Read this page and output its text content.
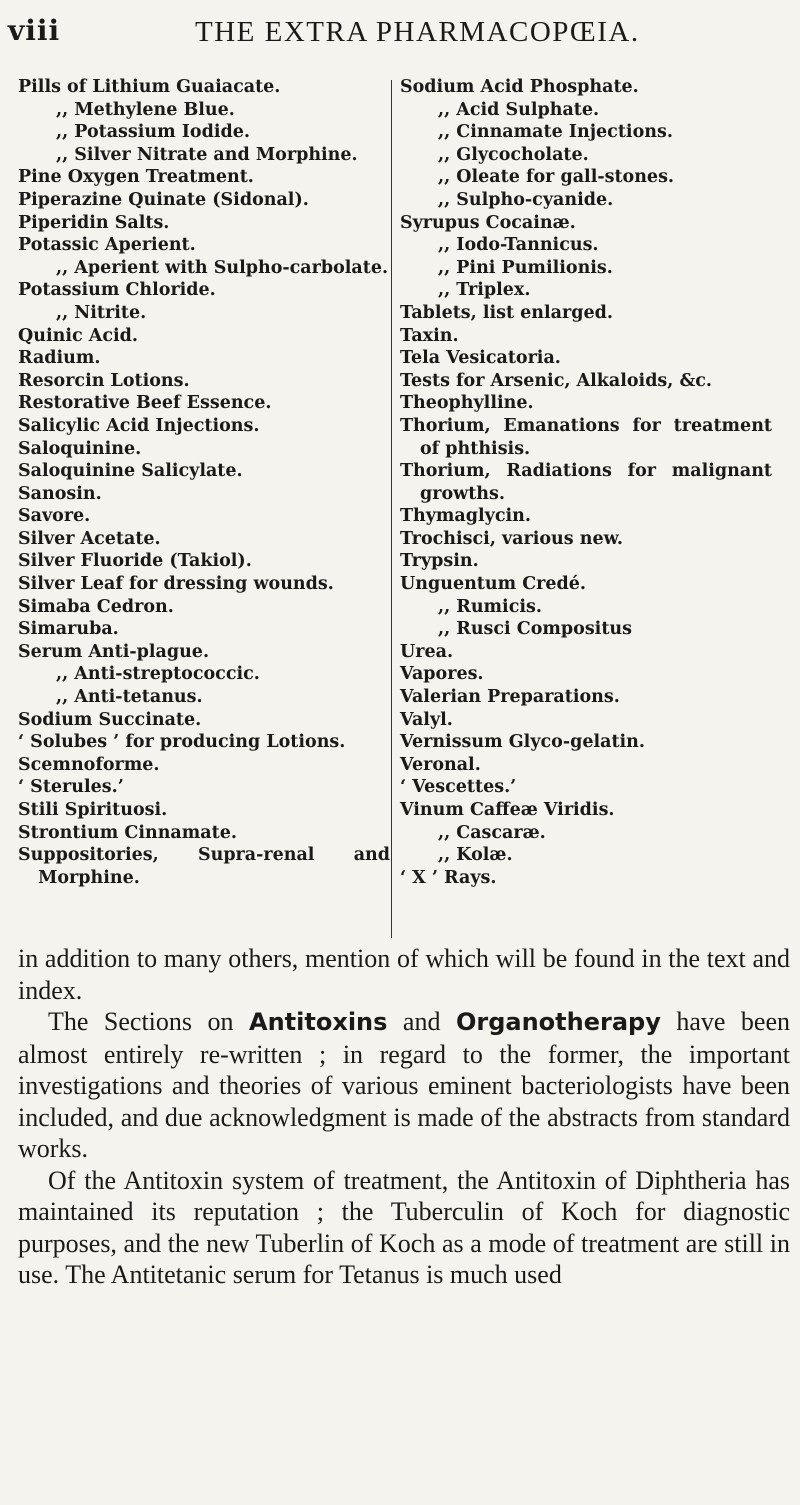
viii	THE EXTRA PHARMACOPŒIA.

Pills of Lithium Guaiacate.

,, Methylene Blue.

,, Potassium Iodide.

,, Silver Nitrate and Morphine.

Pine Oxygen Treatment.

Piperazine Quinate (Sidonal).

Piperidin Salts.

Potassic Aperient.

,, Aperient with Sulpho-carbolate.

Potassium Chloride.

,, Nitrite.

Quinic Acid.

Radium.

Resorcin Lotions.

Restorative Beef Essence.

Salicylic Acid Injections.

Saloquinine.

Saloquinine Salicylate.

Sanosin.

Savore.

Silver Acetate.

Silver Fluoride (Takiol).

Silver Leaf for dressing wounds.

Simaba Cedron.

Simaruba.

Serum Anti-plague.

,, Anti-streptococcic.

,, Anti-tetanus.

Sodium Succinate.

‘ Solubes ’ for producing Lotions.

Scemnoforme.

‘ Sterules.’

Stili Spirituosi.

Strontium Cinnamate.

Suppositories, Supra-renal and Morphine.

Sodium Acid Phosphate.

,, Acid Sulphate.

,, Cinnamate Injections.

,, Glycocholate.

,, Oleate for gall-stones.

,, Sulpho-cyanide.

Syrupus Cocainæ.

,, Iodo-Tannicus.

,, Pini Pumilionis.

,, Triplex.

Tablets, list enlarged.

Taxin.

Tela Vesicatoria.

Tests for Arsenic, Alkaloids, &c.

Theophylline.

Thorium, Emanations for treatment of phthisis.

Thorium, Radiations for malignant growths.

Thymaglycin.

Trochisci, various new.

Trypsin.

Unguentum Credé.

,, Rumicis.

,, Rusci Compositus

Urea.

Vapores.

Valerian Preparations.

Valyl.

Vernissum Glyco-gelatin.

Veronal.

‘ Vescettes.’

Vinum Caffeæ Viridis.

,, Cascaræ.

,, Kolæ.

‘ X ’ Rays.

in addition to many others, mention of which will be found in the text and index.

The Sections on Antitoxins and Organotherapy have been almost entirely re-written ; in regard to the former, the important investigations and theories of various eminent bacteriologists have been included, and due acknowledgment is made of the abstracts from standard works.

Of the Antitoxin system of treatment, the Antitoxin of Diphtheria has maintained its reputation ; the Tuberculin of Koch for diagnostic purposes, and the new Tuberlin of Koch as a mode of treatment are still in use. The Antitetanic serum for Tetanus is much used
